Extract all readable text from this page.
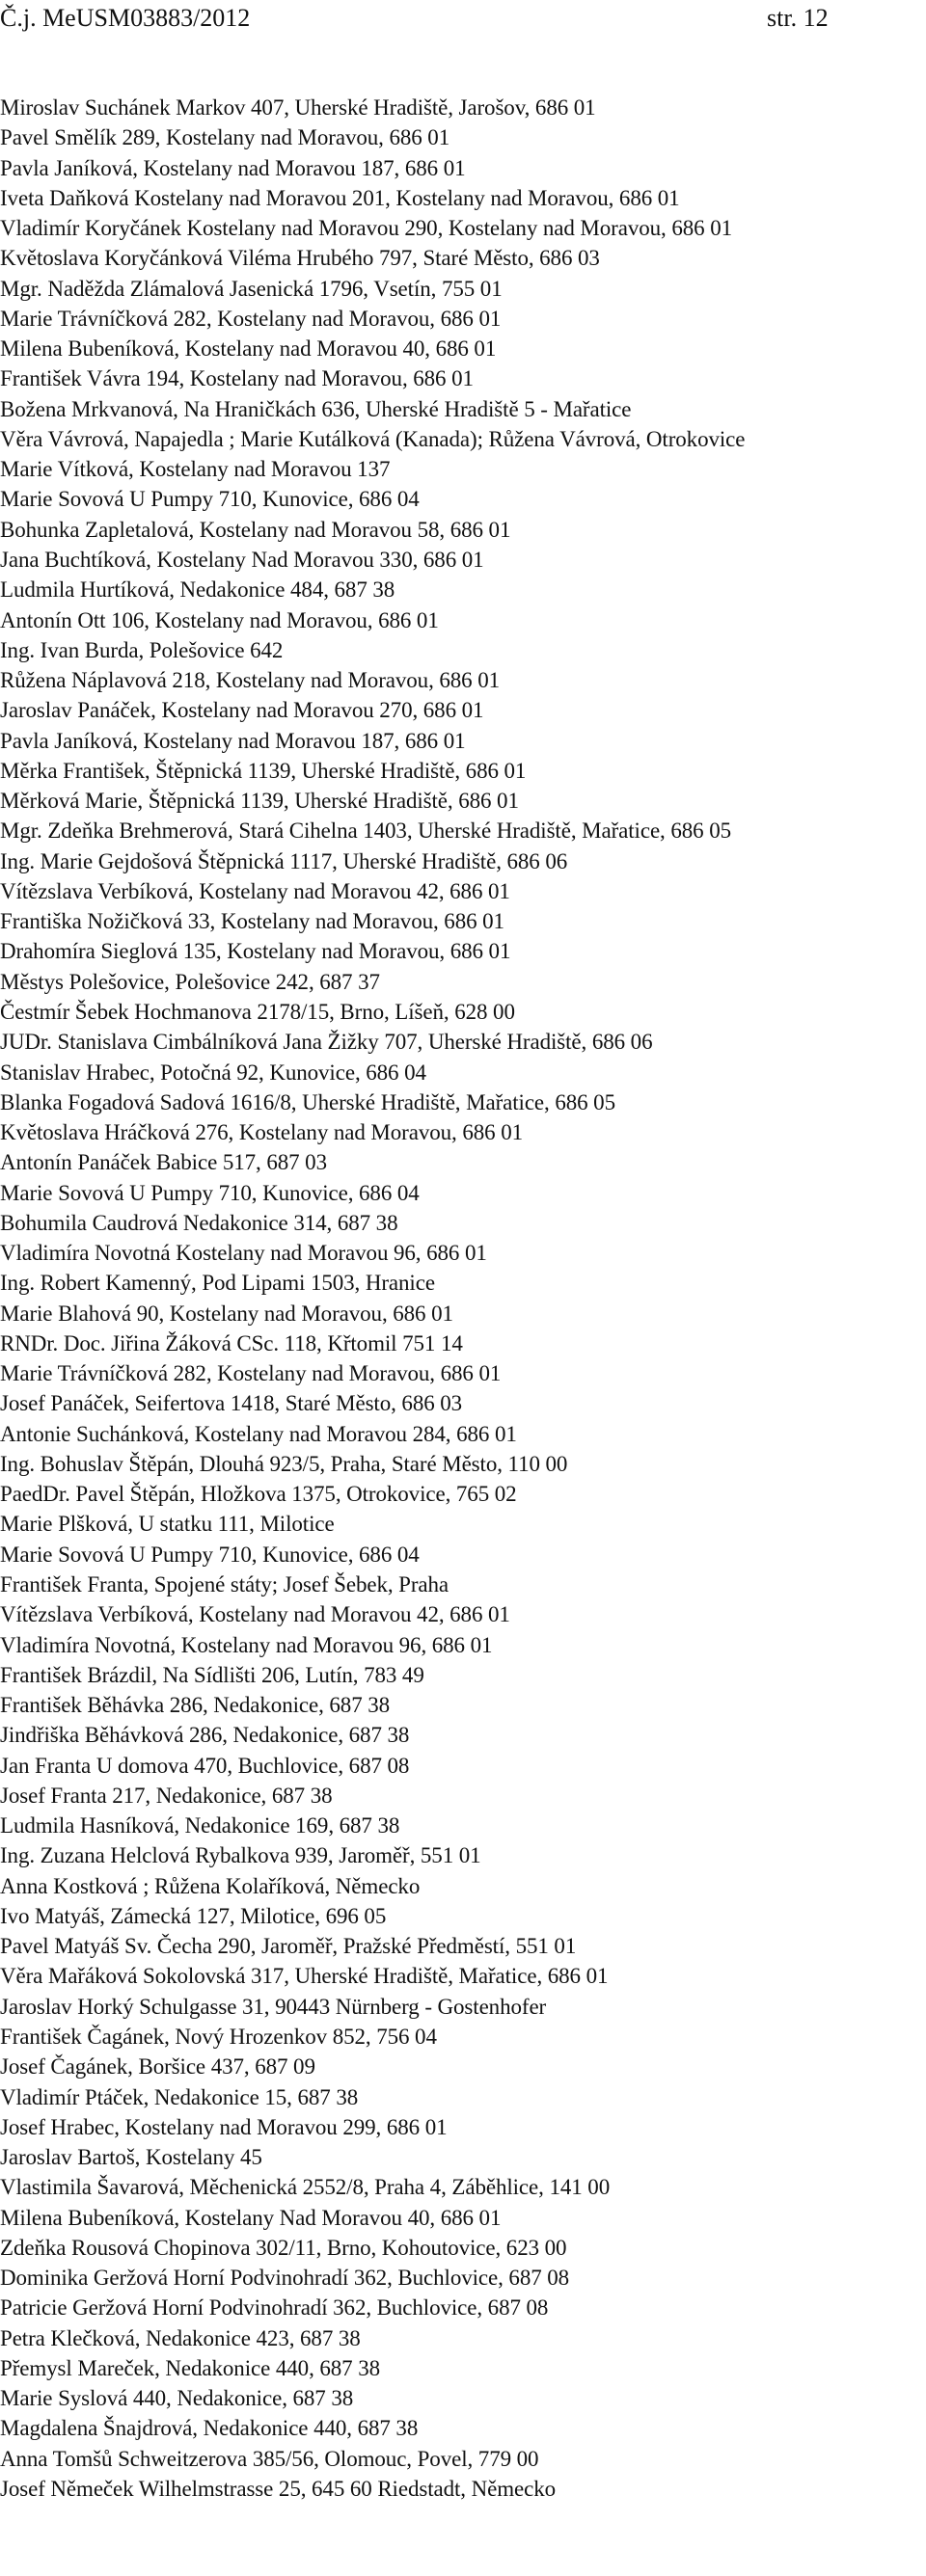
Č.j. MeUSM03883/2012	str. 12
Miroslav Suchánek Markov 407, Uherské Hradiště, Jarošov, 686 01
Pavel Smělík 289, Kostelany nad Moravou, 686 01
Pavla Janíková, Kostelany nad Moravou 187, 686 01
Iveta Daňková Kostelany nad Moravou 201, Kostelany nad Moravou, 686 01
Vladimír Koryčánek Kostelany nad Moravou 290, Kostelany nad Moravou, 686 01
Květoslava Koryčánková Viléma Hrubého 797, Staré Město, 686 03
Mgr. Naděžda Zlámalová Jasenická 1796, Vsetín, 755 01
Marie Trávníčková 282, Kostelany nad Moravou, 686 01
Milena Bubeníková, Kostelany nad Moravou 40, 686 01
František Vávra 194, Kostelany nad Moravou, 686 01
Božena Mrkvanová, Na Hraničkách 636, Uherské Hradiště 5 - Mařatice
Věra Vávrová, Napajedla ; Marie Kutálková (Kanada); Růžena Vávrová, Otrokovice
Marie Vítková, Kostelany nad Moravou 137
Marie Sovová U Pumpy 710, Kunovice, 686 04
Bohunka Zapletalová, Kostelany nad Moravou 58, 686 01
Jana Buchtíková, Kostelany Nad Moravou 330, 686 01
Ludmila Hurtíková, Nedakonice 484, 687 38
Antonín Ott 106, Kostelany nad Moravou, 686 01
Ing. Ivan Burda, Polešovice 642
Růžena Náplavová 218, Kostelany nad Moravou, 686 01
Jaroslav Panáček, Kostelany nad Moravou 270, 686 01
Pavla Janíková, Kostelany nad Moravou 187, 686 01
Měrka František, Štěpnická 1139, Uherské Hradiště, 686 01
Měrková Marie, Štěpnická 1139, Uherské Hradiště, 686 01
Mgr. Zdeňka Brehmerová, Stará Cihelna 1403, Uherské Hradiště, Mařatice, 686 05
Ing. Marie Gejdošová Štěpnická 1117, Uherské Hradiště, 686 06
Vítězslava Verbíková, Kostelany nad Moravou 42, 686 01
Františka Nožičková 33, Kostelany nad Moravou, 686 01
Drahomíra Sieglová 135, Kostelany nad Moravou, 686 01
Městys Polešovice, Polešovice 242, 687 37
Čestmír Šebek Hochmanova 2178/15, Brno, Líšeň, 628 00
JUDr. Stanislava Cimbálníková Jana Žižky 707, Uherské Hradiště, 686 06
Stanislav Hrabec, Potočná 92, Kunovice, 686 04
Blanka Fogadová Sadová 1616/8, Uherské Hradiště, Mařatice, 686 05
Květoslava Hráčková 276, Kostelany nad Moravou, 686 01
Antonín Panáček Babice 517, 687 03
Marie Sovová U Pumpy 710, Kunovice, 686 04
Bohumila Caudrová Nedakonice 314, 687 38
Vladimíra Novotná Kostelany nad Moravou 96, 686 01
Ing. Robert Kamenný, Pod Lipami 1503, Hranice
Marie Blahová 90, Kostelany nad Moravou, 686 01
RNDr. Doc. Jiřina Žáková CSc. 118, Křtomil 751 14
Marie Trávníčková 282, Kostelany nad Moravou, 686 01
Josef Panáček, Seifertova 1418, Staré Město, 686 03
Antonie Suchánková, Kostelany nad Moravou 284, 686 01
Ing. Bohuslav Štěpán, Dlouhá 923/5, Praha, Staré Město, 110 00
PaedDr. Pavel Štěpán, Hložkova 1375, Otrokovice, 765 02
Marie Plšková, U statku 111, Milotice
Marie Sovová U Pumpy 710, Kunovice, 686 04
František Franta, Spojené státy; Josef Šebek, Praha
Vítězslava Verbíková, Kostelany nad Moravou 42, 686 01
Vladimíra Novotná, Kostelany nad Moravou 96, 686 01
František Brázdil, Na Sídlišti 206, Lutín, 783 49
František Běhávka 286, Nedakonice, 687 38
Jindřiška Běhávková 286, Nedakonice, 687 38
Jan Franta U domova 470, Buchlovice, 687 08
Josef Franta 217, Nedakonice, 687 38
Ludmila Hasníková, Nedakonice 169, 687 38
Ing. Zuzana Helclová Rybalkova 939, Jaroměř, 551 01
Anna Kostková ; Růžena Kolaříková, Německo
Ivo Matyáš, Zámecká 127, Milotice, 696 05
Pavel Matyáš Sv. Čecha 290, Jaroměř, Pražské Předměstí, 551 01
Věra Mařáková Sokolovská 317, Uherské Hradiště, Mařatice, 686 01
Jaroslav Horký Schulgasse 31, 90443 Nürnberg - Gostenhofer
František Čagánek, Nový Hrozenkov 852, 756 04
Josef Čagánek, Boršice 437, 687 09
Vladimír Ptáček, Nedakonice 15, 687 38
Josef Hrabec, Kostelany nad Moravou 299, 686 01
Jaroslav Bartoš, Kostelany 45
Vlastimila Šavarová, Měchenická 2552/8, Praha 4, Záběhlice, 141 00
Milena Bubeníková, Kostelany Nad Moravou 40, 686 01
Zdeňka Rousová Chopinova 302/11, Brno, Kohoutovice, 623 00
Dominika Geržová Horní Podvinohradí 362, Buchlovice, 687 08
Patricie Geržová Horní Podvinohradí 362, Buchlovice, 687 08
Petra Klečková, Nedakonice 423, 687 38
Přemysl Mareček, Nedakonice 440, 687 38
Marie Syslová 440, Nedakonice, 687 38
Magdalena Šnajdrová, Nedakonice 440, 687 38
Anna Tomšů Schweitzerova 385/56, Olomouc, Povel, 779 00
Josef Němeček Wilhelmstrasse 25, 645 60 Riedstadt, Německo
